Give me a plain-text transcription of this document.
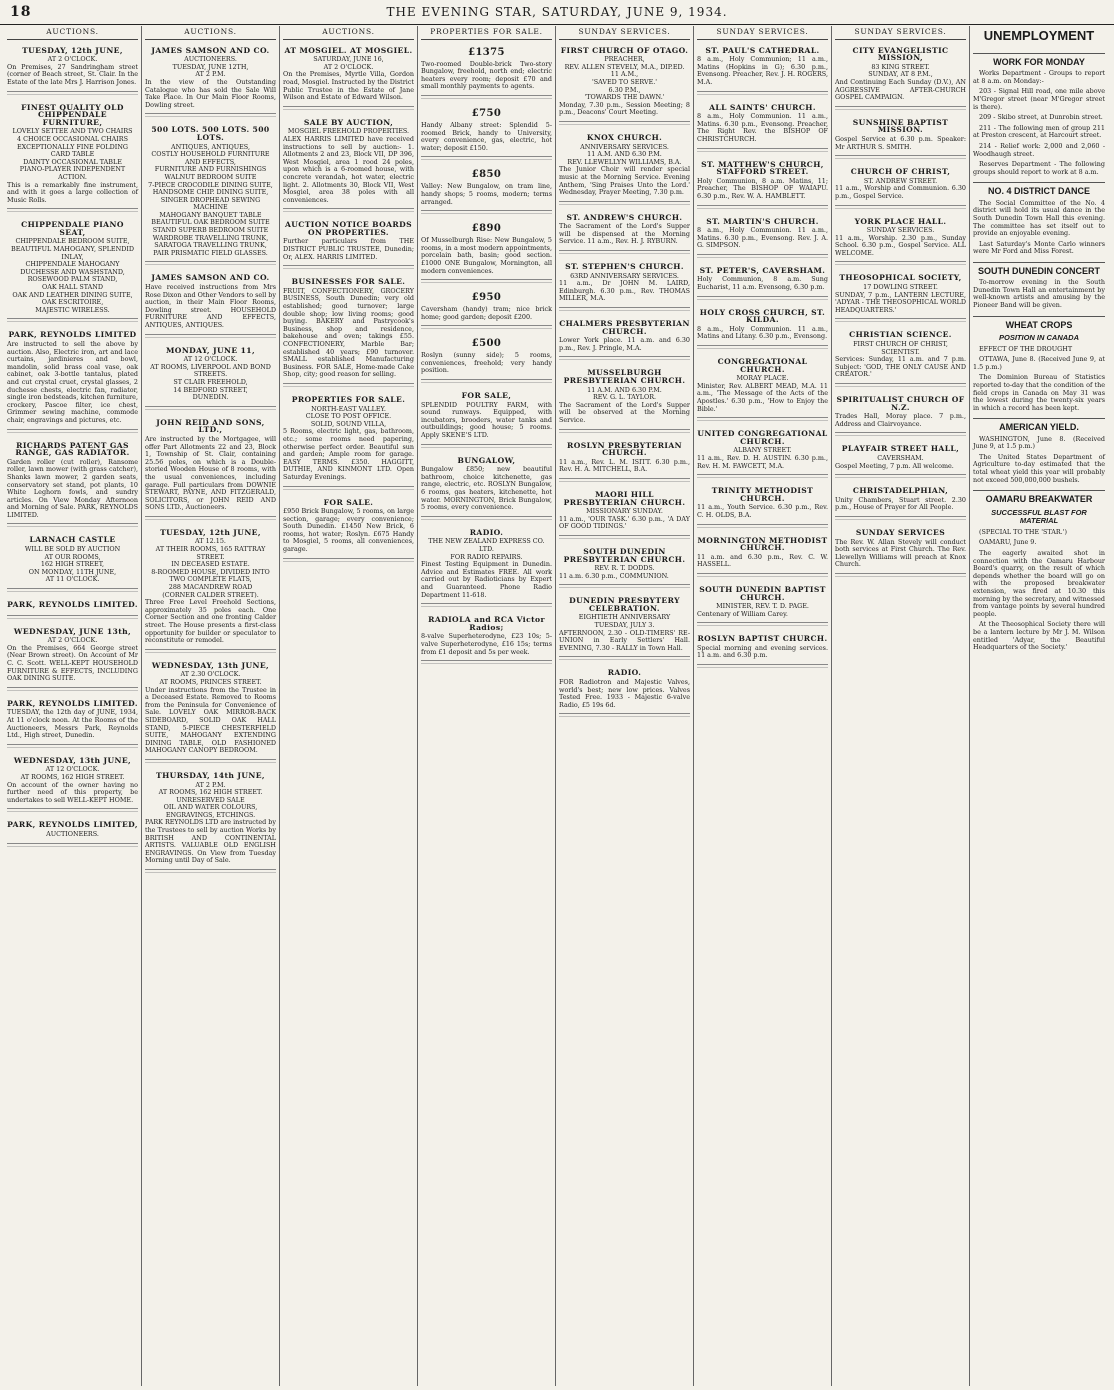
18	THE EVENING STAR, SATURDAY, JUNE 9, 1934.
AUCTIONS.
TUESDAY, 12th JUNE,
AT 2 O'CLOCK.
On Premises, 27 Sandringham street (corner of Beach street, St. Clair. In the Estate of the late Mrs J. Harrison Jones.
FINEST QUALITY OLD CHIPPENDALE FURNITURE,
LOVELY SETTEE AND TWO CHAIRS
4 CHOICE OCCASIONAL CHAIRS
EXCEPTIONALLY FINE FOLDING CARD TABLE
DAINTY OCCASIONAL TABLE
PIANO-PLAYER INDEPENDENT ACTION.
This is a remarkably fine instrument, and with it goes a large collection of Music Rolls.
CHIPPENDALE PIANO SEAT,
CHIPPENDALE BEDROOM SUITE,
BEAUTIFUL MAHOGANY, SPLENDID INLAY,
CHIPPENDALE MAHOGANY DUCHESSE AND WASHSTAND,
ROSEWOOD PALM STAND,
OAK HALL STAND
OAK AND LEATHER DINING SUITE,
OAK ESCRITOIRE,
MAJESTIC WIRELESS.
PARK, REYNOLDS LIMITED
Are instructed to sell the above by auction. Also, Electric iron, art and lace curtains, jardinieres and bowl, mandolin, solid brass coal vase, oak cabinet, oak 3-bottle tantalus, plated and cut crystal cruet, crystal glasses, 2 duchesse chests, electric fan, radiator, single iron bedsteads, kitchen furniture, crockery, Pascoe filter, ice chest, Grimmer sewing machine, commode chair, engravings and pictures, etc.
RICHARDS PATENT GAS RANGE, GAS RADIATOR.
Garden roller (cut roller), Ransome roller, lawn mower (with grass catcher), Shanks lawn mower, 2 garden seats, conservatory set stand, pot plants, 10 White Leghorn fowls, and sundry articles. On View Monday Afternoon and Morning of Sale. PARK, REYNOLDS LIMITED.
LARNACH CASTLE
WILL BE SOLD BY AUCTION
AT OUR ROOMS,
162 HIGH STREET,
ON MONDAY, 11TH JUNE,
AT 11 O'CLOCK.
PARK, REYNOLDS LIMITED.
WEDNESDAY, JUNE 13th,
AT 2 O'CLOCK.
On the Premises, 664 George street (Near Brown street). On Account of Mr C. C. Scott. WELL-KEPT HOUSEHOLD FURNITURE & EFFECTS, INCLUDING OAK DINING SUITE.
PARK, REYNOLDS LIMITED.
TUESDAY, the 12th day of JUNE, 1934, At 11 o'clock noon. At the Rooms of the Auctioneers, Messrs Park, Reynolds Ltd., High street, Dunedin.
WEDNESDAY, 13th JUNE,
AT 12 O'CLOCK.
AT ROOMS, 162 HIGH STREET.
On account of the owner having no further need of this property, be undertakes to sell WELL-KEPT HOME.
PARK, REYNOLDS LIMITED,
AUCTIONEERS.
AUCTIONS.
JAMES SAMSON AND CO.
AUCTIONEERS.
TUESDAY, JUNE 12TH,
AT 2 P.M.
In the view of the Outstanding Catalogue who has sold the Sale Will Take Place. In Our Main Floor Rooms, Dowling street.
500 LOTS. 500 LOTS. 500 LOTS.
ANTIQUES, ANTIQUES,
COSTLY HOUSEHOLD FURNITURE AND EFFECTS,
FURNITURE AND FURNISHINGS
WALNUT BEDROOM SUITE
7-PIECE CROCODILE DINING SUITE,
HANDSOME CHIP. DINING SUITE,
SINGER DROPHEAD SEWING MACHINE
MAHOGANY BANQUET TABLE
BEAUTIFUL OAK BEDROOM SUITE
STAND SUPERB BEDROOM SUITE
WARDROBE TRAVELLING TRUNK,
SARATOGA TRAVELLING TRUNK,
PAIR PRISMATIC FIELD GLASSES.
JAMES SAMSON AND CO.
Have received instructions from Mrs Rose Dixon and Other Vendors to sell by auction, in their Main Floor Rooms, Dowling street. HOUSEHOLD FURNITURE AND EFFECTS, ANTIQUES, ANTIQUES.
MONDAY, JUNE 11,
AT 12 O'CLOCK.
AT ROOMS, LIVERPOOL AND BOND STREETS.
ST CLAIR FREEHOLD,
14 BEDFORD STREET,
DUNEDIN.
JOHN REID AND SONS, LTD.,
Are instructed by the Mortgagee, will offer Part Allotments 22 and 23, Block 1, Township of St. Clair, containing 25.56 poles, on which is a Double-storied Wooden House of 8 rooms, with the usual conveniences, including garage. Full particulars from DOWNIE STEWART, PAYNE, AND FITZGERALD, SOLICITORS, or JOHN REID AND SONS LTD., Auctioneers.
TUESDAY, 12th JUNE,
AT 12.15.
AT THEIR ROOMS, 165 RATTRAY STREET.
IN DECEASED ESTATE.
8-ROOMED HOUSE, DIVIDED INTO TWO COMPLETE FLATS,
288 MACANDREW ROAD
(CORNER CALDER STREET).
Three Free Level Freehold Sections, approximately 35 poles each. One Corner Section and one fronting Calder street. The House presents a first-class opportunity for builder or speculator to reconstitute or remodel.
WEDNESDAY, 13th JUNE,
AT 2.30 O'CLOCK.
AT ROOMS, PRINCES STREET.
Under instructions from the Trustee in a Deceased Estate. Removed to Rooms from the Peninsula for Convenience of Sale. LOVELY OAK MIRROR-BACK SIDEBOARD, SOLID OAK HALL STAND, 5-PIECE CHESTERFIELD SUITE, MAHOGANY EXTENDING DINING TABLE, OLD FASHIONED MAHOGANY CANOPY BEDROOM.
THURSDAY, 14th JUNE,
AT 2 P.M.
AT ROOMS, 162 HIGH STREET.
UNRESERVED SALE
OIL AND WATER COLOURS, ENGRAVINGS, ETCHINGS.
PARK REYNOLDS LTD are instructed by the Trustees to sell by auction Works by BRITISH AND CONTINENTAL ARTISTS. VALUABLE OLD ENGLISH ENGRAVINGS. On View from Tuesday Morning until Day of Sale.
AUCTIONS.
AT MOSGIEL. AT MOSGIEL.
SATURDAY, JUNE 16,
AT 2 O'CLOCK.
On the Premises, Myrtle Villa, Gordon road, Mosgiel. Instructed by the District Public Trustee in the Estate of Jane Wilson and Estate of Edward Wilson.
SALE BY AUCTION,
MOSGIEL FREEHOLD PROPERTIES.
ALEX HARRIS LIMITED have received instructions to sell by auction:- 1. Allotments 2 and 23, Block VII, DP 396, West Mosgiel, area 1 rood 24 poles, upon which is a 6-roomed house, with concrete verandah, hot water, electric light. 2. Allotments 30, Block VII, West Mosgiel, area 38 poles with all conveniences.
AUCTION NOTICE BOARDS ON PROPERTIES.
Further particulars from THE DISTRICT PUBLIC TRUSTEE, Dunedin; Or, ALEX. HARRIS LIMITED.
BUSINESSES FOR SALE.
FRUIT, CONFECTIONERY, GROCERY BUSINESS, South Dunedin; very old established; good turnover; large double shop; low living rooms; good buying. BAKERY and Pastrycook's Business, shop and residence, bakehouse and oven; takings £55. CONFECTIONERY, Marble Bar; established 40 years; £90 turnover. SMALL established Manufacturing Business. FOR SALE, Home-made Cake Shop, city; good reason for selling.
PROPERTIES FOR SALE.
NORTH-EAST VALLEY.
CLOSE TO POST OFFICE.
SOLID, SOUND VILLA,
5 Rooms, electric light, gas, bathroom, etc.; some rooms need papering, otherwise perfect order. Beautiful sun and garden; Ample room for garage. EASY TERMS. £350. HAGGITT, DUTHIE, AND KINMONT LTD. Open Saturday Evenings.
FOR SALE.
£950 Brick Bungalow, 5 rooms, on large section, garage; every convenience; South Dunedin. £1450 New Brick, 6 rooms, hot water; Roslyn. £675 Handy to Mosgiel, 5 rooms, all conveniences, garage.
PROPERTIES FOR SALE.
£1375
Two-roomed Double-brick Two-story Bungalow, freehold, north end; electric heaters every room; deposit £70 and small monthly payments to agents.
£750
Handy Albany street: Splendid 5-roomed Brick, handy to University, every convenience, gas, electric, hot water; deposit £150.
£850
Valley: New Bungalow, on tram line, handy shops; 5 rooms, modern; terms arranged.
£890
Of Musselburgh Rise: New Bungalow, 5 rooms, in a most modern appointments, porcelain bath, basin; good section. £1000 ONE Bungalow, Mornington, all modern conveniences.
£950
Caversham (handy) tram; nice brick home; good garden; deposit £200.
£500
Roslyn (sunny side); 5 rooms, conveniences, freehold; very handy position.
FOR SALE,
SPLENDID POULTRY FARM, with sound runways. Equipped, with incubators, brooders, water tanks and outbuildings; good house; 5 rooms. Apply SKENE'S LTD.
BUNGALOW,
Bungalow £850; new beautiful bathroom, choice kitchenette, gas range, electric, etc. ROSLYN Bungalow, 6 rooms, gas heaters, kitchenette, hot water. MORNINGTON, Brick Bungalow, 5 rooms, every convenience.
RADIO.
THE NEW ZEALAND EXPRESS CO. LTD.
FOR RADIO REPAIRS.
Finest Testing Equipment in Dunedin. Advice and Estimates FREE. All work carried out by Radioticians by Expert and Guaranteed. Phone Radio Department 11-618.
RADIOLA and RCA Victor Radios;
8-valve Superheterodyne, £23 10s; 5-valve Superheterodyne, £16 15s; terms from £1 deposit and 5s per week.
SUNDAY SERVICES.
FIRST CHURCH OF OTAGO.
PREACHER,
REV. ALLEN STEVELY, M.A., DIP.ED.
11 A.M.,
'SAVED TO SERVE.'
6.30 P.M.,
'TOWARDS THE DAWN.'
Monday, 7.30 p.m., Session Meeting; 8 p.m., Deacons' Court Meeting.
KNOX CHURCH.
ANNIVERSARY SERVICES.
11 A.M. AND 6.30 P.M.
REV. LLEWELLYN WILLIAMS, B.A.
The Junior Choir will render special music at the Morning Service. Evening Anthem, 'Sing Praises Unto the Lord.' Wednesday, Prayer Meeting, 7.30 p.m.
ST. ANDREW'S CHURCH.
The Sacrament of the Lord's Supper will be dispensed at the Morning Service. 11 a.m., Rev. H. J. RYBURN.
ST. STEPHEN'S CHURCH.
63RD ANNIVERSARY SERVICES.
11 a.m., Dr JOHN M. LAIRD, Edinburgh. 6.30 p.m., Rev. THOMAS MILLER, M.A.
CHALMERS PRESBYTERIAN CHURCH.
Lower York place. 11 a.m. and 6.30 p.m., Rev. J. Pringle, M.A.
MUSSELBURGH PRESBYTERIAN CHURCH.
11 A.M. AND 6.30 P.M.
REV. G. L. TAYLOR.
The Sacrament of the Lord's Supper will be observed at the Morning Service.
ROSLYN PRESBYTERIAN CHURCH.
11 a.m., Rev. L. M. ISITT. 6.30 p.m., Rev. H. A. MITCHELL, B.A.
MAORI HILL PRESBYTERIAN CHURCH.
MISSIONARY SUNDAY.
11 a.m., 'OUR TASK.' 6.30 p.m., 'A DAY OF GOOD TIDINGS.'
SOUTH DUNEDIN PRESBYTERIAN CHURCH.
REV. R. T. DODDS.
11 a.m. 6.30 p.m., COMMUNION.
DUNEDIN PRESBYTERY CELEBRATION.
EIGHTIETH ANNIVERSARY
TUESDAY, JULY 3.
AFTERNOON, 2.30 - OLD-TIMERS' RE-UNION in Early Settlers' Hall. EVENING, 7.30 - RALLY in Town Hall.
RADIO.
FOR Radiotron and Majestic Valves, world's best; new low prices. Valves Tested Free. 1933 - Majestic 6-valve Radio, £5 19s 6d.
SUNDAY SERVICES.
ST. PAUL'S CATHEDRAL.
8 a.m., Holy Communion; 11 a.m., Matins (Hopkins in G); 6.30 p.m., Evensong. Preacher, Rev. J. H. ROGERS, M.A.
ALL SAINTS' CHURCH.
8 a.m., Holy Communion. 11 a.m., Matins. 6.30 p.m., Evensong. Preacher, The Right Rev. the BISHOP OF CHRISTCHURCH.
ST. MATTHEW'S CHURCH, STAFFORD STREET.
Holy Communion, 8 a.m. Matins, 11; Preacher, The BISHOP OF WAIAPU. 6.30 p.m., Rev. W. A. HAMBLETT.
ST. MARTIN'S CHURCH.
8 a.m., Holy Communion. 11 a.m., Matins. 6.30 p.m., Evensong. Rev. J. A. G. SIMPSON.
ST. PETER'S, CAVERSHAM.
Holy Communion, 8 a.m. Sung Eucharist, 11 a.m. Evensong, 6.30 p.m.
HOLY CROSS CHURCH, ST. KILDA.
8 a.m., Holy Communion. 11 a.m., Matins and Litany. 6.30 p.m., Evensong.
CONGREGATIONAL CHURCH.
MORAY PLACE.
Minister, Rev. ALBERT MEAD, M.A. 11 a.m., 'The Message of the Acts of the Apostles.' 6.30 p.m., 'How to Enjoy the Bible.'
UNITED CONGREGATIONAL CHURCH.
ALBANY STREET.
11 a.m., Rev. D. H. AUSTIN. 6.30 p.m., Rev. H. M. FAWCETT, M.A.
TRINITY METHODIST CHURCH.
11 a.m., Youth Service. 6.30 p.m., Rev. C. H. OLDS, B.A.
MORNINGTON METHODIST CHURCH.
11 a.m. and 6.30 p.m., Rev. C. W. HASSELL.
SOUTH DUNEDIN BAPTIST CHURCH.
MINISTER, REV. T. D. PAGE.
Centenary of William Carey.
ROSLYN BAPTIST CHURCH.
Special morning and evening services. 11 a.m. and 6.30 p.m.
SUNDAY SERVICES.
CITY EVANGELISTIC MISSION,
83 KING STREET.
SUNDAY, AT 8 P.M.,
And Continuing Each Sunday (D.V.), AN AGGRESSIVE AFTER-CHURCH GOSPEL CAMPAIGN.
SUNSHINE BAPTIST MISSION.
Gospel Service at 6.30 p.m. Speaker: Mr ARTHUR S. SMITH.
CHURCH OF CHRIST,
ST. ANDREW STREET.
11 a.m., Worship and Communion. 6.30 p.m., Gospel Service.
YORK PLACE HALL.
SUNDAY SERVICES.
11 a.m., Worship. 2.30 p.m., Sunday School. 6.30 p.m., Gospel Service. ALL WELCOME.
THEOSOPHICAL SOCIETY,
17 DOWLING STREET.
SUNDAY, 7 p.m., LANTERN LECTURE, 'ADYAR - THE THEOSOPHICAL WORLD HEADQUARTERS.'
CHRISTIAN SCIENCE.
FIRST CHURCH OF CHRIST, SCIENTIST.
Services: Sunday, 11 a.m. and 7 p.m. Subject: 'GOD, THE ONLY CAUSE AND CREATOR.'
SPIRITUALIST CHURCH OF N.Z.
Trades Hall, Moray place. 7 p.m., Address and Clairvoyance.
PLAYFAIR STREET HALL,
CAVERSHAM.
Gospel Meeting, 7 p.m. All welcome.
CHRISTADELPHIAN,
Unity Chambers, Stuart street. 2.30 p.m., House of Prayer for All People.
SUNDAY SERVICES
The Rev. W. Allan Stevely will conduct both services at First Church. The Rev. Llewellyn Williams will preach at Knox Church.
UNEMPLOYMENT
WORK FOR MONDAY
Works Department - Groups to report at 8 a.m. on Monday:-
203 - Signal Hill road, one mile above M'Gregor street (near M'Gregor street is there).
209 - Skibo street, at Dunrobin street.
211 - The following men of group 211 at Preston crescent, at Harcourt street.
214 - Relief work: 2,000 and 2,060 - Woodhaugh street.
Reserves Department - The following groups should report to work at 8 a.m.
NO. 4 DISTRICT DANCE
The Social Committee of the No. 4 district will hold its usual dance in the South Dunedin Town Hall this evening. The committee has set itself out to provide an enjoyable evening.
Last Saturday's Monte Carlo winners were Mr Ford and Miss Forest.
SOUTH DUNEDIN CONCERT
To-morrow evening in the South Dunedin Town Hall an entertainment by well-known artists and amusing by the Pioneer Band will be given.
WHEAT CROPS
POSITION IN CANADA
EFFECT OF THE DROUGHT
OTTAWA, June 8. (Received June 9, at 1.5 p.m.)
The Dominion Bureau of Statistics reported to-day that the condition of the field crops in Canada on May 31 was the lowest during the twenty-six years in which a record has been kept.
AMERICAN YIELD.
WASHINGTON, June 8. (Received June 9, at 1.5 p.m.)
The United States Department of Agriculture to-day estimated that the total wheat yield this year will probably not exceed 500,000,000 bushels.
OAMARU BREAKWATER
SUCCESSFUL BLAST FOR MATERIAL
(SPECIAL TO THE 'STAR.')
OAMARU, June 9.
The eagerly awaited shot in connection with the Oamaru Harbour Board's quarry, on the result of which depends whether the board will go on with the proposed breakwater extension, was fired at 10.30 this morning by the secretary, and witnessed from vantage points by several hundred people.
At the Theosophical Society there will be a lantern lecture by Mr J. M. Wilson entitled 'Adyar, the Beautiful Headquarters of the Society.'
